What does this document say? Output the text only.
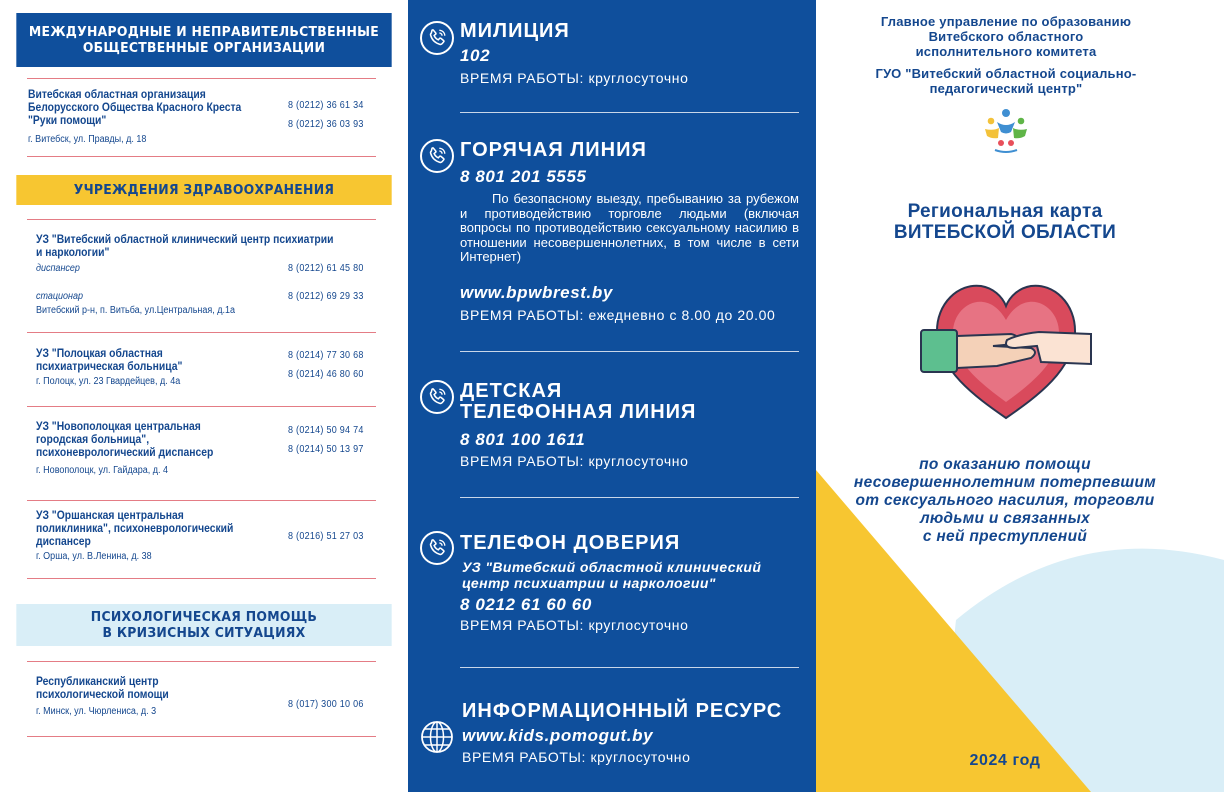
МЕЖДУНАРОДНЫЕ И НЕПРАВИТЕЛЬСТВЕННЫЕ
ОБЩЕСТВЕННЫЕ ОРГАНИЗАЦИИ
Витебская областная организация
Белорусского Общества Красного Креста
"Руки помощи"
г. Витебск, ул. Правды, д. 18
8 (0212) 36 61 34
8 (0212) 36 03 93
УЧРЕЖДЕНИЯ ЗДРАВООХРАНЕНИЯ
УЗ "Витебский областной клинический центр психиатрии
и наркологии"
диспансер	8 (0212) 61 45 80
стационар	8 (0212) 69 29 33
Витебский р-н, п. Витьба, ул.Центральная, д.1а
УЗ "Полоцкая областная
психиатрическая больница"
г. Полоцк, ул. 23 Гвардейцев, д. 4а
8 (0214) 77 30 68
8 (0214) 46 80 60
УЗ "Новополоцкая центральная
городская больница",
психоневрологический диспансер
г. Новополоцк, ул. Гайдара, д. 4
8 (0214) 50 94 74
8 (0214) 50 13 97
УЗ "Оршанская центральная
поликлиника", психоневрологический
диспансер
г. Орша, ул. В.Ленина, д. 38
8 (0216) 51 27 03
ПСИХОЛОГИЧЕСКАЯ ПОМОЩЬ
В КРИЗИСНЫХ СИТУАЦИЯХ
Республиканский центр
психологической помощи
г. Минск, ул. Чюрлениса, д. 3
8 (017) 300 10 06
МИЛИЦИЯ
102
ВРЕМЯ РАБОТЫ: круглосуточно
ГОРЯЧАЯ ЛИНИЯ
8 801 201 5555
По безопасному выезду, пребыванию за рубежом и противодействию торговле людьми (включая вопросы по противодействию сексуальному насилию в отношении несовершеннолетних, в том числе в сети Интернет)
www.bpwbrest.by
ВРЕМЯ РАБОТЫ: ежедневно с 8.00 до 20.00
ДЕТСКАЯ
ТЕЛЕФОННАЯ ЛИНИЯ
8 801 100 1611
ВРЕМЯ РАБОТЫ: круглосуточно
ТЕЛЕФОН ДОВЕРИЯ
УЗ "Витебский областной клинический
центр психиатрии и наркологии"
8 0212 61 60 60
ВРЕМЯ РАБОТЫ: круглосуточно
ИНФОРМАЦИОННЫЙ РЕСУРС
www.kids.pomogut.by
ВРЕМЯ РАБОТЫ: круглосуточно
Главное управление по образованию
Витебского областного
исполнительного комитета
ГУО "Витебский областной социально-
педагогический центр"
Региональная карта
ВИТЕБСКОЙ ОБЛАСТИ
по оказанию помощи
несовершеннолетним потерпевшим
от сексуального насилия, торговли
людьми и связанных
с ней преступлений
2024 год
